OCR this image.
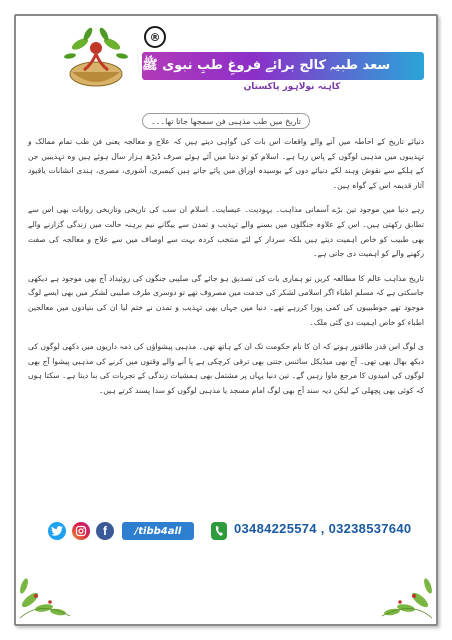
®
سعد طبیہ کالج برائے فروغِ طبِ نبوی ﷺ
کاہنہ نولاہور پاکستان
تاریخ میں طب مذہبی فن سمجھا جاتا تھا۔۔۔

دنیائے تاریخ کے احاطہ میں آنے والے واقعات اس بات کی گواہی دیتے ہیں کہ علاج و معالجہ یعنی فن طب تمام ممالک و تہذیبوں میں مذہبی لوگوں کے پاس رہا ہے۔ اسلام کو تو دنیا میں آئے ہوئے صرف ڈیڑھ ہزار سال ہوئے ہیں وہ تہذیبیں جن کے ہلکے سے نقوش وہند لکے دنیائے دوں کے بوسیدہ اوراق میں پائے جاتے ہیں کیمبری، آشوری، مصری، ہندی انشانات یاقیود آثار قدیمہ اس کے گواہ ہیں۔

رہے دنیا میں موجود تین بڑے آسمانی مذاہب۔ یہودیت۔ عیسایت۔ اسلام ان سب کی تاریخی وتاریخی روایات بھی اس سے تطابق رکھتی ہیں۔ اس کے علاوہ جنگلوں میں بسنے والے تہذیب و تمدن سے بیگانے نیم برہنہ حالت میں زندگی گزارنے والے بھی طبیب کو خاص اہمیت دیتے ہیں بلکہ سردار کے لئے منتخب کردہ بہت سے اوصاف میں سے علاج و معالجہ کی صفت رکھنے والے کو اہمیت دی جاتی ہے۔

تاریخ مذاہب عالم کا مطالعہ کریں تو ہماری بات کی تصدیق ہو جائے گی صلیبی جنگوں کی روئیداد آج بھی موجود ہے دیکھی جاسکتی ہے کہ مسلم اطباء اگر اسلامی لشکر کی خدمت میں مصروف تھے تو دوسری طرف صلیبی لشکر میں بھی ایسے لوگ موجود تھے جوطبیبوں کی کمی پورا کررہے تھے۔ دنیا میں جہاں بھی تہذیب و تمدن نے ختم لیا ان کی بنیادوں میں معالجین اطباء کو خاص اہمیت دی گئی ملک۔

ی لوگ اس قدر طاقتور ہوتے کہ ان کا نام حکومت تک ان کے ہاتھ تھی۔ مذہبی پیشواؤں کی ذمہ داریوں میں دکھی لوگوں کی دیکھ بھال بھی تھی۔ آج بھی میڈیکل سائنس جتنی بھی ترقی کرچکی ہے پا آنے والے وقتوں میں کرنے کی مذہبی پیشوا آج بھی لوگوں کی امیدوں کا مرجع ماوا رہیں گے۔ تین دنیا یہاں پر مشتمل بھی ہمشیات زندگی کے تجربات کی بنا دیتا ہے۔ سکتا ہوں کہ کوئی بھی پچھلی کے لیکن دیہ سند آج بھی لوگ امام مسجد یا مذہبی لوگوں کو سدا پسند کرتے ہیں۔

f	/tibb4all	03484225574 , 03238537640
